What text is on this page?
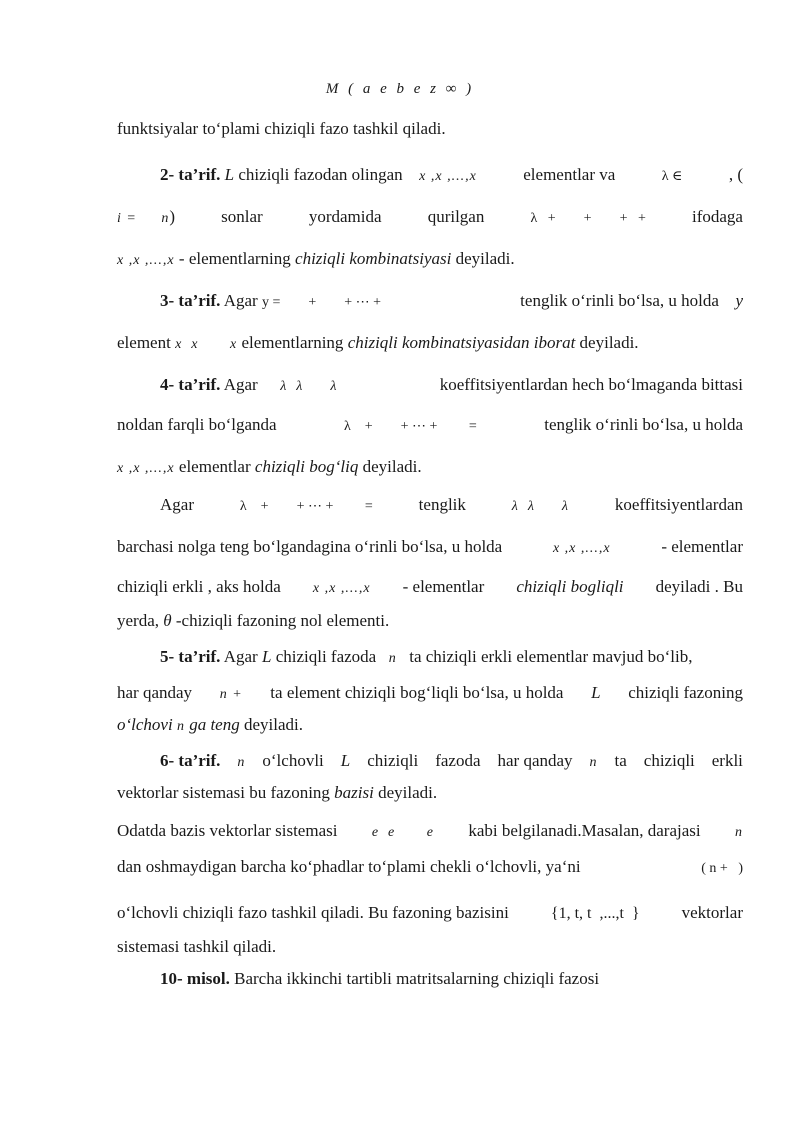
M ( a e b e z ∞ )
funktsiyalar to‘plami chiziqli fazo tashkil qiladi.
2- ta’rif. L chiziqli fazodan olingan x ,x ,...,x	elementlar va	λ ∈	, (
i = n)	sonlar	yordamida	qurilgan	λ   +        +        +   +	ifodaga
x ,x ,...,x - elementlarning chiziqli kombinatsiyasi deyiladi.
3- ta’rif. Agar y =        +        + ⋯ +	tenglik o‘rinli bo‘lsa, u holda y
element x  x       x elementlarning chiziqli kombinatsiyasidan iborat deyiladi.
4- ta’rif. Agar λ  λ      λ	koeffitsiyentlardan hech bo‘lmaganda bittasi
noldan farqli bo‘lganda	λ    +        + ⋯ +         =	tenglik o‘rinli bo‘lsa, u holda
x ,x ,...,x elementlar chiziqli bog‘liq deyiladi.
Agar	λ    +        + ⋯ +         =	tenglik	λ  λ      λ	koeffitsiyentlardan
barchasi nolga teng bo‘lgandagina o‘rinli bo‘lsa, u holda	x ,x ,...,x	- elementlar
chiziqli erkli , aks holda x ,x ,...,x - elementlar chiziqli bogliqli deyiladi . Bu
yerda, θ -chiziqli fazoning nol elementi.
5- ta’rif. Agar L chiziqli fazoda n ta chiziqli erkli elementlar mavjud bo‘lib,
har qanday n + ta element chiziqli bog‘liqli bo‘lsa, u holda L chiziqli fazoning
o‘lchovi n ga teng deyiladi.
6- ta’rif. n o‘lchovli L chiziqli fazoda har qanday n ta chiziqli erkli
vektorlar sistemasi bu fazoning bazisi deyiladi.
Odatda bazis vektorlar sistemasi e  e       e kabi belgilanadi.Masalan, darajasi n
dan oshmaydigan barcha ko‘phadlar to‘plami chekli o‘lchovli, ya‘ni	( n +   )
o‘lchovli chiziqli fazo tashkil qiladi. Bu fazoning bazisini	{1, t, t  ,...,t  } vektorlar
sistemasi tashkil qiladi.
10- misol. Barcha ikkinchi tartibli matritsalarning chiziqli fazosi
